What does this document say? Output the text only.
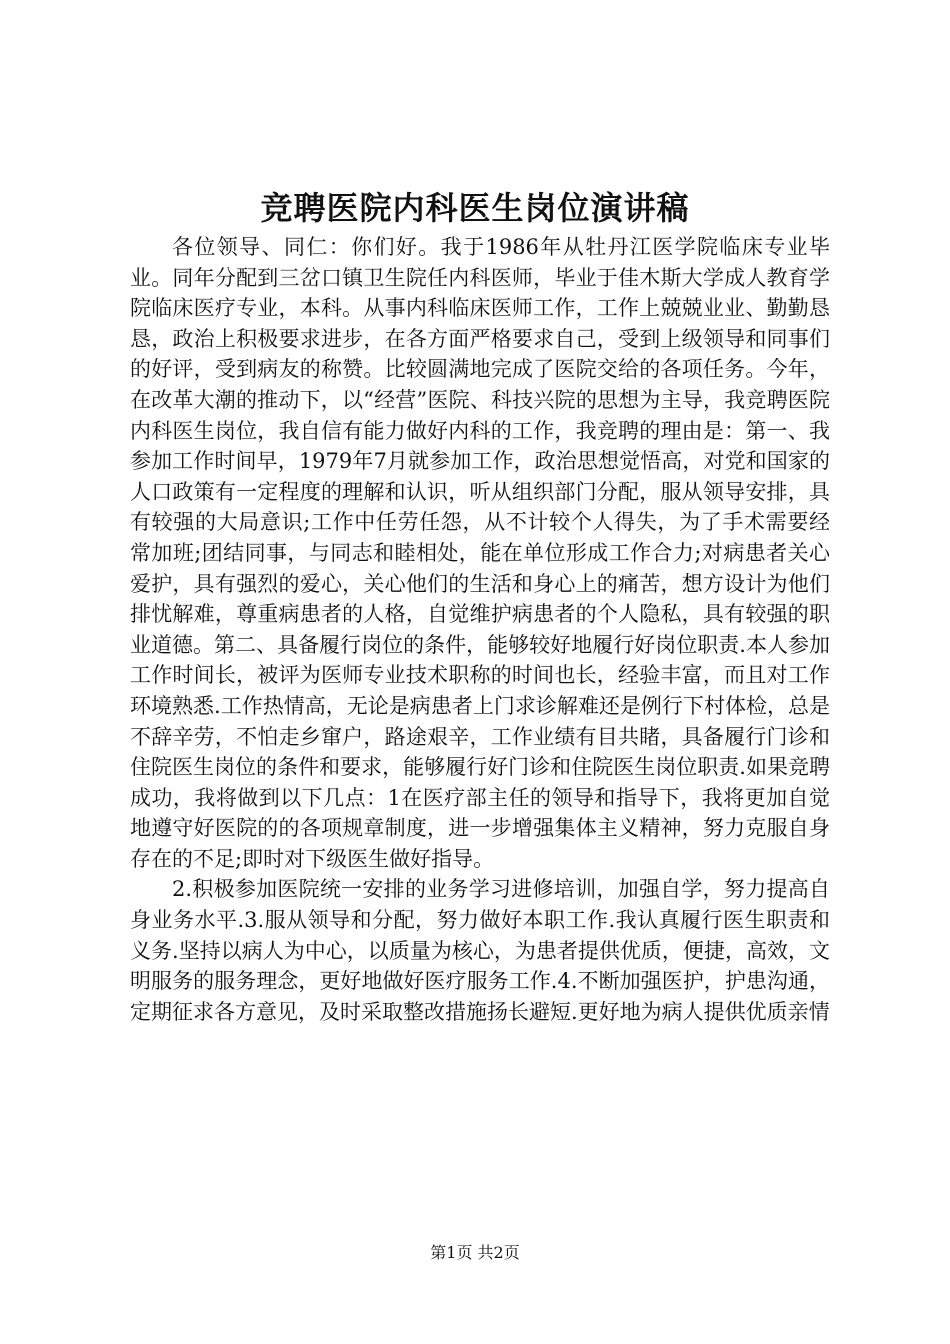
竞聘医院内科医生岗位演讲稿

各位领导、同仁：你们好。我于1986年从牡丹江医学院临床专业毕业。同年分配到三岔口镇卫生院任内科医师，毕业于佳木斯大学成人教育学院临床医疗专业，本科。从事内科临床医师工作，工作上兢兢业业、勤勤恳恳，政治上积极要求进步，在各方面严格要求自己，受到上级领导和同事们的好评，受到病友的称赞。比较圆满地完成了医院交给的各项任务。今年，在改革大潮的推动下，以“经营”医院、科技兴院的思想为主导，我竞聘医院内科医生岗位，我自信有能力做好内科的工作，我竞聘的理由是：第一、我参加工作时间早，1979年7月就参加工作，政治思想觉悟高，对党和国家的人口政策有一定程度的理解和认识，听从组织部门分配，服从领导安排，具有较强的大局意识;工作中任劳任怨，从不计较个人得失，为了手术需要经常加班;团结同事，与同志和睦相处，能在单位形成工作合力;对病患者关心爱护，具有强烈的爱心，关心他们的生活和身心上的痛苦，想方设计为他们排忧解难，尊重病患者的人格，自觉维护病患者的个人隐私，具有较强的职业道德。第二、具备履行岗位的条件，能够较好地履行好岗位职责.本人参加工作时间长，被评为医师专业技术职称的时间也长，经验丰富，而且对工作环境熟悉.工作热情高，无论是病患者上门求诊解难还是例行下村体检，总是不辞辛劳，不怕走乡窜户，路途艰辛，工作业绩有目共睹，具备履行门诊和住院医生岗位的条件和要求，能够履行好门诊和住院医生岗位职责.如果竞聘成功，我将做到以下几点：1在医疗部主任的领导和指导下，我将更加自觉地遵守好医院的的各项规章制度，进一步增强集体主义精神，努力克服自身存在的不足;即时对下级医生做好指导。

2.积极参加医院统一安排的业务学习进修培训，加强自学，努力提高自身业务水平.3.服从领导和分配，努力做好本职工作.我认真履行医生职责和义务.坚持以病人为中心，以质量为核心，为患者提供优质，便捷，高效，文明服务的服务理念，更好地做好医疗服务工作.4.不断加强医护，护患沟通，定期征求各方意见，及时采取整改措施扬长避短.更好地为病人提供优质亲情

第1页 共2页
